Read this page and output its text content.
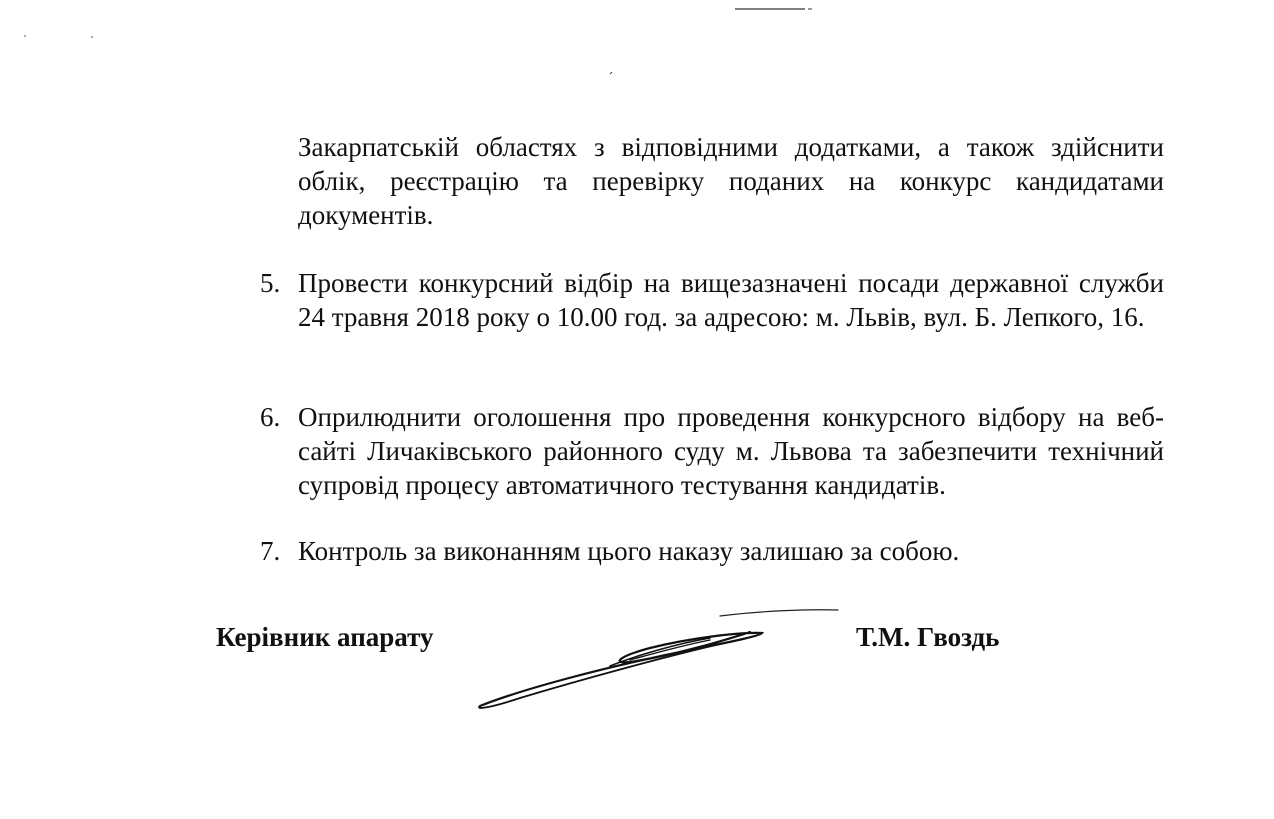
Закарпатській областях з відповідними додатками, а також здійснити облік, реєстрацію та перевірку поданих на конкурс кандидатами документів.

5. Провести конкурсний відбір на вищезазначені посади державної служби 24 травня 2018 року о 10.00 год. за адресою: м. Львів, вул. Б. Лепкого, 16.

6. Оприлюднити оголошення про проведення конкурсного відбору на веб-сайті Личаківського районного суду м. Львова та забезпечити технічний супровід процесу автоматичного тестування кандидатів.

7. Контроль за виконанням цього наказу залишаю за собою.

Керівник апарату	Т.М. Гвоздь
